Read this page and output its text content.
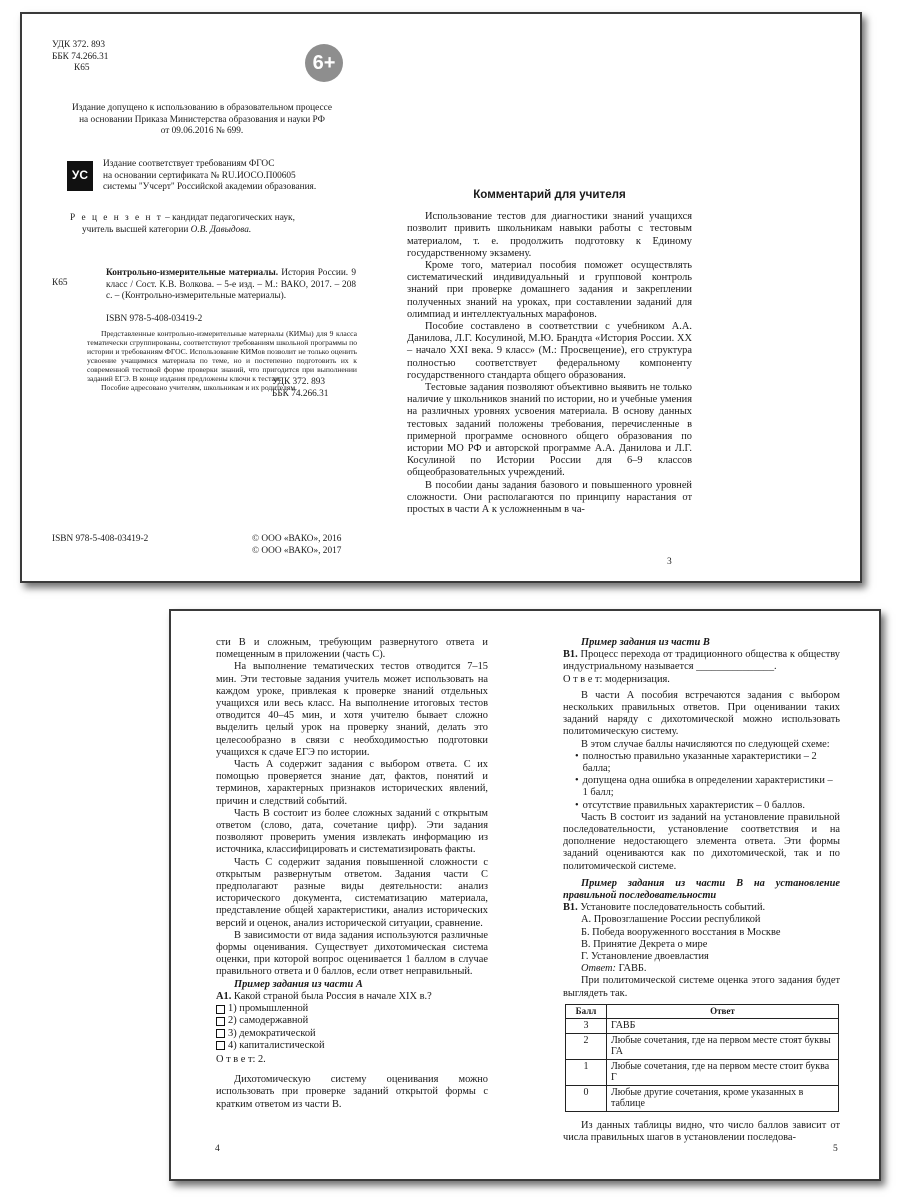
УДК 372. 893
ББК 74.266.31
К65	6+
Издание допущено к использованию в образовательном процессе
на основании Приказа Министерства образования и науки РФ
от 09.06.2016 № 699.
УС
Издание соответствует требованиям ФГОС
на основании сертификата № RU.ИОСО.П00605
системы "Учсерт" Российской академии образования.
Р е ц е н з е н т – кандидат педагогических наук,
учитель высшей категории О.В. Давыдова.
К65
Контрольно-измерительные материалы. История России. 9 класс / Сост. К.В. Волкова. – 5-е изд. – М.: ВАКО, 2017. – 208 с. – (Контрольно-измерительные материалы).
ISBN 978-5-408-03419-2
Представленные контрольно-измерительные материалы (КИМы) для 9 класса тематически сгруппированы, соответствуют требованиям школьной программы по истории и требованиям ФГОС. Использование КИМов позволит не только оценить усвоение учащимися материала по теме, но и постепенно подготовить их к современной тестовой форме проверки знаний, что пригодится при выполнении заданий ЕГЭ. В конце издания предложены ключи к тестам.
Пособие адресовано учителям, школьникам и их родителям.
УДК 372. 893
ББК 74.266.31
ISBN 978-5-408-03419-2	© ООО «ВАКО», 2016
© ООО «ВАКО», 2017
Комментарий для учителя

Использование тестов для диагностики знаний учащихся позволит привить школьникам навыки работы с тестовым материалом, т. е. продолжить подготовку к Единому государственному экзамену.

Кроме того, материал пособия поможет осуществлять систематический индивидуальный и групповой контроль знаний при проверке домашнего задания и закреплении полученных знаний на уроках, при составлении заданий для олимпиад и интеллектуальных марафонов.

Пособие составлено в соответствии с учебником А.А. Данилова, Л.Г. Косулиной, М.Ю. Брандта «История России. XX – начало XXI века. 9 класс» (М.: Просвещение), его структура полностью соответствует федеральному компоненту государственного стандарта общего образования.

Тестовые задания позволяют объективно выявить не только наличие у школьников знаний по истории, но и учебные умения на различных уровнях усвоения материала. В основу данных тестовых заданий положены требования, перечисленные в примерной программе основного общего образования по истории МО РФ и авторской программе А.А. Данилова и Л.Г. Косулиной по Истории России для 6–9 классов общеобразовательных учреждений.

В пособии даны задания базового и повышенного уровней сложности. Они располагаются по принципу нарастания от простых в части А к усложненным в ча-

3

сти В и сложным, требующим развернутого ответа и помещенным в приложении (часть С).

На выполнение тематических тестов отводится 7–15 мин. Эти тестовые задания учитель может использовать на каждом уроке, привлекая к проверке знаний отдельных учащихся или весь класс. На выполнение итоговых тестов отводится 40–45 мин, и хотя учителю бывает сложно выделить целый урок на проверку знаний, делать это целесообразно в связи с необходимостью подготовки учащихся к сдаче ЕГЭ по истории.

Часть А содержит задания с выбором ответа. С их помощью проверяется знание дат, фактов, понятий и терминов, характерных признаков исторических явлений, причин и следствий событий.

Часть В состоит из более сложных заданий с открытым ответом (слово, дата, сочетание цифр). Эти задания позволяют проверить умения извлекать информацию из источника, классифицировать и систематизировать факты.

Часть С содержит задания повышенной сложности с открытым развернутым ответом. Задания части С предполагают разные виды деятельности: анализ исторического документа, систематизацию материала, представление общей характеристики, анализ исторических версий и оценок, анализ исторической ситуации, сравнение.

В зависимости от вида задания используются различные формы оценивания. Существует дихотомическая система оценки, при которой вопрос оценивается 1 баллом в случае правильного ответа и 0 баллов, если ответ неправильный.

Пример задания из части А

А1. Какой страной была Россия в начале XIX в.?

1) промышленной
2) самодержавной
3) демократической
4) капиталистической

О т в е т: 2.

Дихотомическую систему оценивания можно использовать при проверке заданий открытой формы с кратким ответом из части В.

4

Пример задания из части В

В1. Процесс перехода от традиционного общества к обществу индустриальному называется _______________.

О т в е т: модернизация.

В части А пособия встречаются задания с выбором нескольких правильных ответов. При оценивании таких заданий наряду с дихотомической можно использовать политомическую систему.

В этом случае баллы начисляются по следующей схеме:

• полностью правильно указанные характеристики – 2 балла;
• допущена одна ошибка в определении характеристики – 1 балл;
• отсутствие правильных характеристик – 0 баллов.

Часть В состоит из заданий на установление правильной последовательности, установление соответствия и на дополнение недостающего элемента ответа. Эти формы заданий оцениваются как по дихотомической, так и по политомической системе.

Пример задания из части В на установление правильной последовательности

В1. Установите последовательность событий.

А. Провозглашение России республикой

Б. Победа вооруженного восстания в Москве

В. Принятие Декрета о мире

Г. Установление двоевластия

Ответ: ГАВБ.

При политомической системе оценка этого задания будет выглядеть так.

Балл	Ответ
3	ГАВБ
2	Любые сочетания, где на первом месте стоят буквы ГА
1	Любые сочетания, где на первом месте стоит буква Г
0	Любые другие сочетания, кроме указанных в таблице

Из данных таблицы видно, что число баллов зависит от числа правильных шагов в установлении последова-

5
